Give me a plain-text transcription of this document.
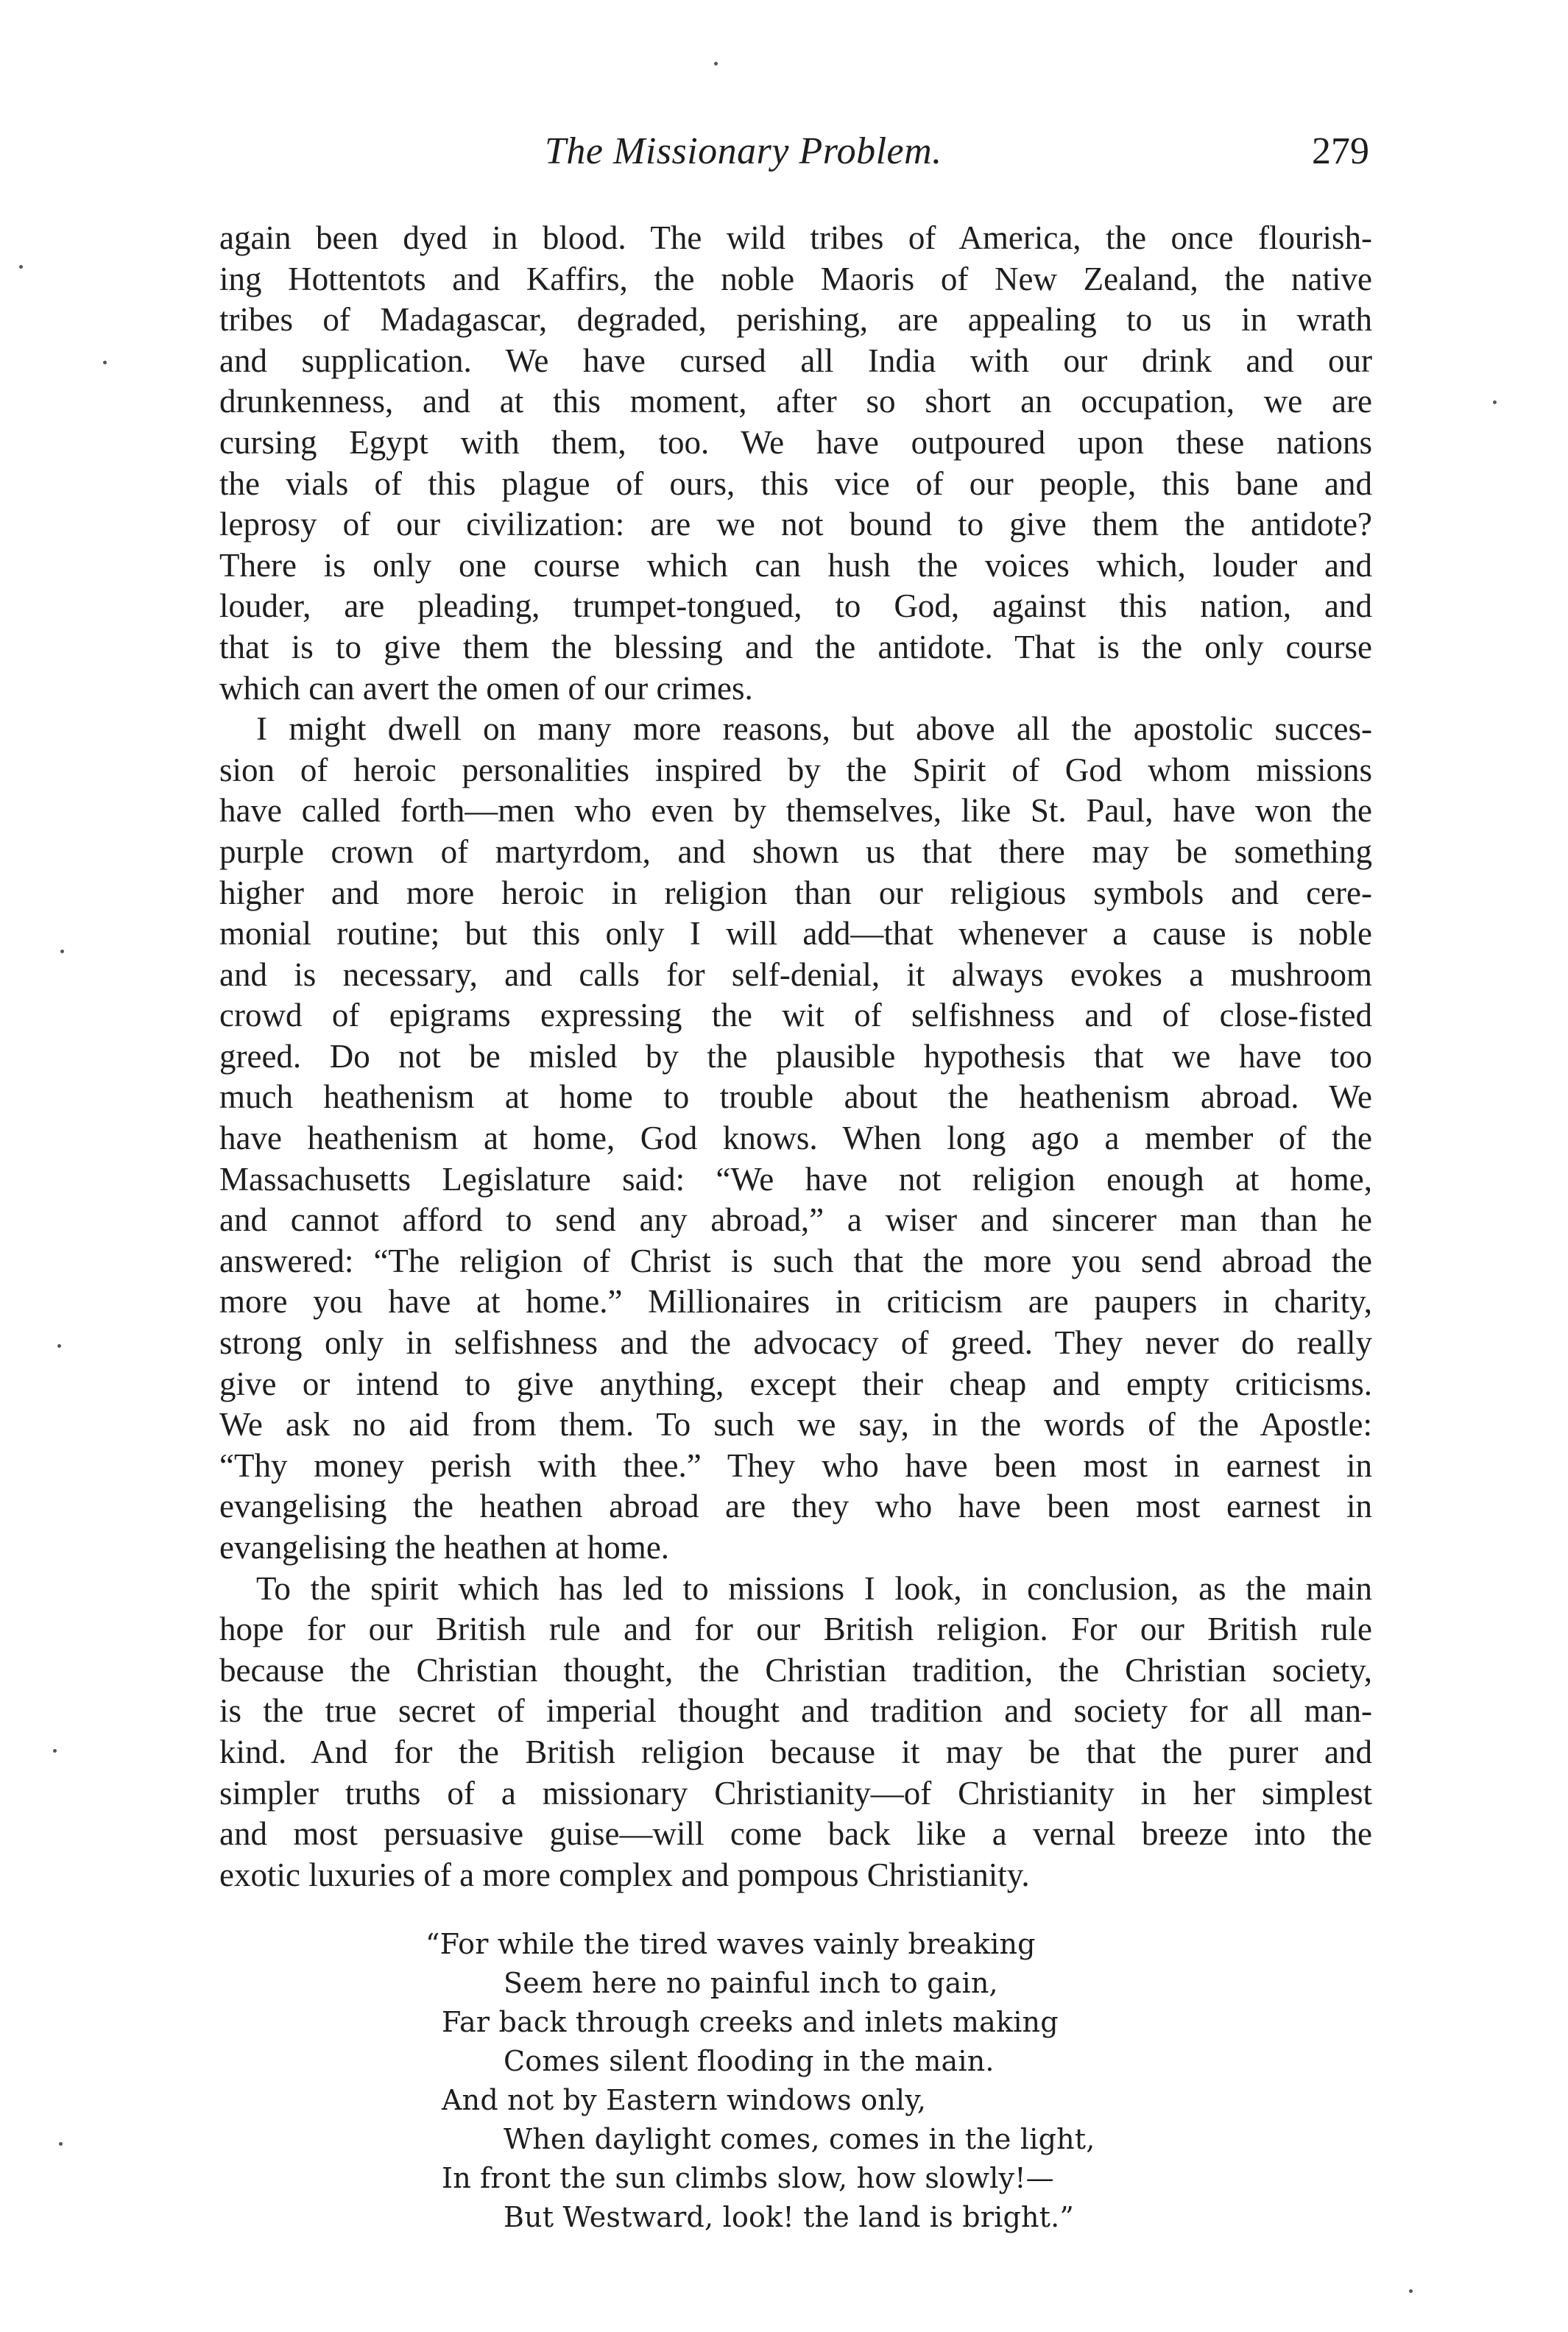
The Missionary Problem.	279

again been dyed in blood. The wild tribes of America, the once flourish-
ing Hottentots and Kaffirs, the noble Maoris of New Zealand, the native
tribes of Madagascar, degraded, perishing, are appealing to us in wrath
and supplication. We have cursed all India with our drink and our
drunkenness, and at this moment, after so short an occupation, we are
cursing Egypt with them, too. We have outpoured upon these nations
the vials of this plague of ours, this vice of our people, this bane and
leprosy of our civilization: are we not bound to give them the antidote?
There is only one course which can hush the voices which, louder and
louder, are pleading, trumpet-tongued, to God, against this nation, and
that is to give them the blessing and the antidote. That is the only course
which can avert the omen of our crimes.

I might dwell on many more reasons, but above all the apostolic succes-
sion of heroic personalities inspired by the Spirit of God whom missions
have called forth—men who even by themselves, like St. Paul, have won the
purple crown of martyrdom, and shown us that there may be something
higher and more heroic in religion than our religious symbols and cere-
monial routine; but this only I will add—that whenever a cause is noble
and is necessary, and calls for self-denial, it always evokes a mushroom
crowd of epigrams expressing the wit of selfishness and of close-fisted
greed. Do not be misled by the plausible hypothesis that we have too
much heathenism at home to trouble about the heathenism abroad. We
have heathenism at home, God knows. When long ago a member of the
Massachusetts Legislature said: “We have not religion enough at home,
and cannot afford to send any abroad,” a wiser and sincerer man than he
answered: “The religion of Christ is such that the more you send abroad the
more you have at home.” Millionaires in criticism are paupers in charity,
strong only in selfishness and the advocacy of greed. They never do really
give or intend to give anything, except their cheap and empty criticisms.
We ask no aid from them. To such we say, in the words of the Apostle:
“Thy money perish with thee.” They who have been most in earnest in
evangelising the heathen abroad are they who have been most earnest in
evangelising the heathen at home.

To the spirit which has led to missions I look, in conclusion, as the main
hope for our British rule and for our British religion. For our British rule
because the Christian thought, the Christian tradition, the Christian society,
is the true secret of imperial thought and tradition and society for all man-
kind. And for the British religion because it may be that the purer and
simpler truths of a missionary Christianity—of Christianity in her simplest
and most persuasive guise—will come back like a vernal breeze into the
exotic luxuries of a more complex and pompous Christianity.

“For while the tired waves vainly breaking
Seem here no painful inch to gain,
Far back through creeks and inlets making
Comes silent flooding in the main.
And not by Eastern windows only,
When daylight comes, comes in the light,
In front the sun climbs slow, how slowly!—
But Westward, look! the land is bright.”
